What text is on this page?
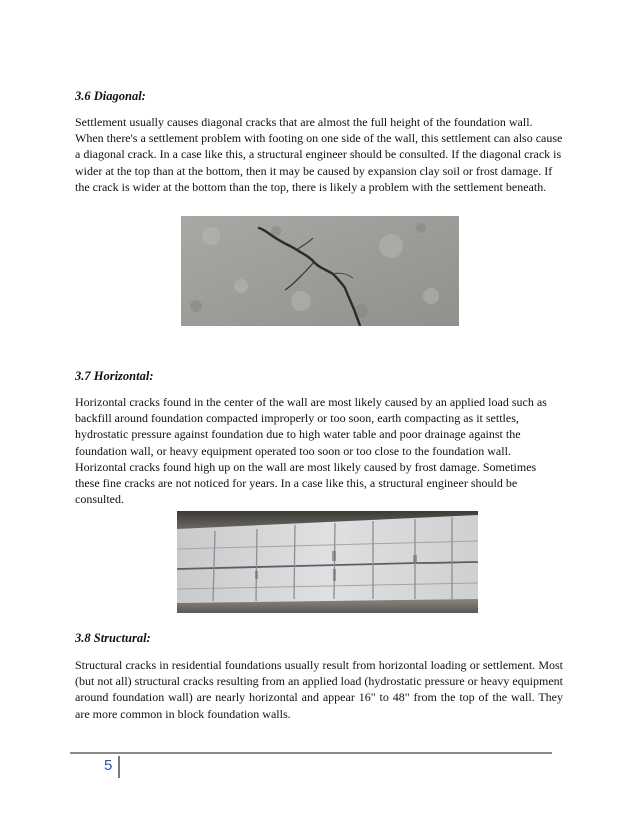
3.6 Diagonal:

Settlement usually causes diagonal cracks that are almost the full height of the foundation wall. When there's a settlement problem with footing on one side of the wall, this settlement can also cause a diagonal crack. In a case like this, a structural engineer should be consulted. If the diagonal crack is wider at the top than at the bottom, then it may be caused by expansion clay soil or frost damage. If the crack is wider at the bottom than the top, there is likely a problem with the settlement beneath.

3.7 Horizontal:

Horizontal cracks found in the center of the wall are most likely caused by an applied load such as backfill around foundation compacted improperly or too soon, earth compacting as it settles, hydrostatic pressure against foundation due to high water table and poor drainage against the foundation wall, or heavy equipment operated too soon or too close to the foundation wall. Horizontal cracks found high up on the wall are most likely caused by frost damage. Sometimes these fine cracks are not noticed for years. In a case like this, a structural engineer should be consulted.

3.8 Structural:

Structural cracks in residential foundations usually result from horizontal loading or settlement. Most (but not all) structural cracks resulting from an applied load (hydrostatic pressure or heavy equipment around foundation wall) are nearly horizontal and appear 16" to 48" from the top of the wall. They are more common in block foundation walls.

5
